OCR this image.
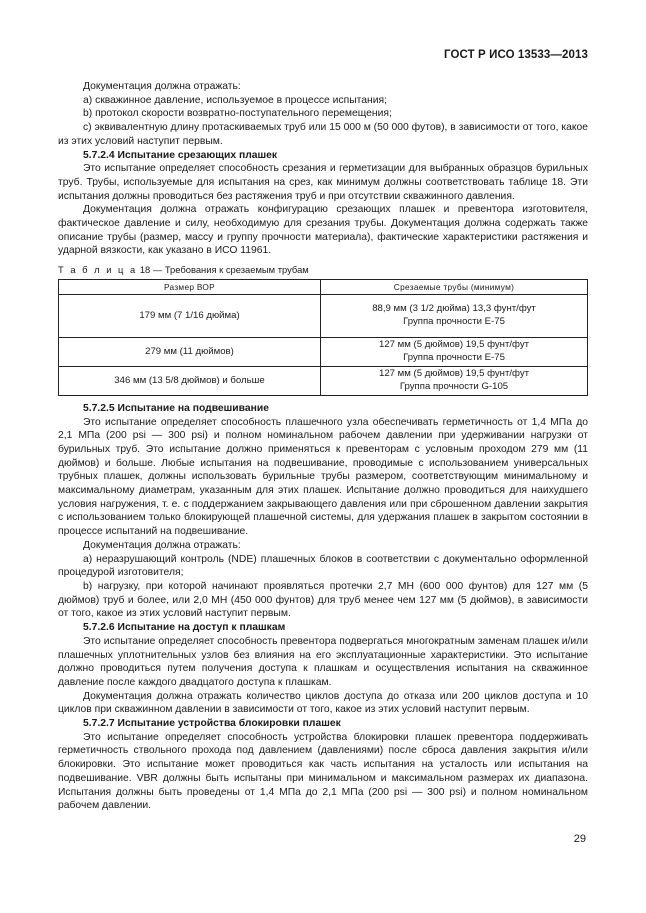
ГОСТ Р ИСО 13533—2013

Документация должна отражать:

a) скважинное давление, используемое в процессе испытания;

b) протокол скорости возвратно-поступательного перемещения;

c) эквивалентную длину протаскиваемых труб или 15 000 м (50 000 футов), в зависимости от того, какое из этих условий наступит первым.

5.7.2.4 Испытание срезающих плашек

Это испытание определяет способность срезания и герметизации для выбранных образцов бурильных труб. Трубы, используемые для испытания на срез, как минимум должны соответствовать таблице 18. Эти испытания должны проводиться без растяжения труб и при отсутствии скважинного давления.

Документация должна отражать конфигурацию срезающих плашек и превентора изготовителя, фактическое давление и силу, необходимую для срезания трубы. Документация должна содержать также описание трубы (размер, массу и группу прочности материала), фактические характеристики растяжения и ударной вязкости, как указано в ИСО 11961.

Т а б л и ц а 18 — Требования к срезаемым трубам

Размер ВОР	Срезаемые трубы (минимум)
179 мм (7 1/16 дюйма)	88,9 мм (3 1/2 дюйма) 13,3 фунт/фут
Группа прочности Е-75

279 мм (11 дюймов)	127 мм (5 дюймов) 19,5 фунт/фут
Группа прочности Е-75

346 мм (13 5/8 дюймов) и больше	127 мм (5 дюймов) 19,5 фунт/фут
Группа прочности G-105

5.7.2.5 Испытание на подвешивание

Это испытание определяет способность плашечного узла обеспечивать герметичность от 1,4 МПа до 2,1 МПа (200 psi — 300 psi) и полном номинальном рабочем давлении при удерживании нагрузки от бурильных труб. Это испытание должно применяться к превенторам с условным проходом 279 мм (11 дюймов) и больше. Любые испытания на подвешивание, проводимые с использованием универсальных трубных плашек, должны использовать бурильные трубы размером, соответствующим минимальному и максимальному диаметрам, указанным для этих плашек. Испытание должно проводиться для наихудшего условия нагружения, т. е. с поддержанием закрывающего давления или при сброшенном давлении закрытия с использованием только блокирующей плашечной системы, для удержания плашек в закрытом состоянии в процессе испытаний на подвешивание.

Документация должна отражать:

a) неразрушающий контроль (NDE) плашечных блоков в соответствии с документально оформленной процедурой изготовителя;

b) нагрузку, при которой начинают проявляться протечки 2,7 МН (600 000 фунтов) для 127 мм (5 дюймов) труб и более, или 2,0 МН (450 000 фунтов) для труб менее чем 127 мм (5 дюймов), в зависимости от того, какое из этих условий наступит первым.

5.7.2.6 Испытание на доступ к плашкам

Это испытание определяет способность превентора подвергаться многократным заменам плашек и/или плашечных уплотнительных узлов без влияния на его эксплуатационные характеристики. Это испытание должно проводиться путем получения доступа к плашкам и осуществления испытания на скважинное давление после каждого двадцатого доступа к плашкам.

Документация должна отражать количество циклов доступа до отказа или 200 циклов доступа и 10 циклов при скважинном давлении в зависимости от того, какое из этих условий наступит первым.

5.7.2.7 Испытание устройства блокировки плашек

Это испытание определяет способность устройства блокировки плашек превентора поддерживать герметичность ствольного прохода под давлением (давлениями) после сброса давления закрытия и/или блокировки. Это испытание может проводиться как часть испытания на усталость или испытания на подвешивание. VBR должны быть испытаны при минимальном и максимальном размерах их диапазона. Испытания должны быть проведены от 1,4 МПа до 2,1 МПа (200 psi — 300 psi) и полном номинальном рабочем давлении.

29
